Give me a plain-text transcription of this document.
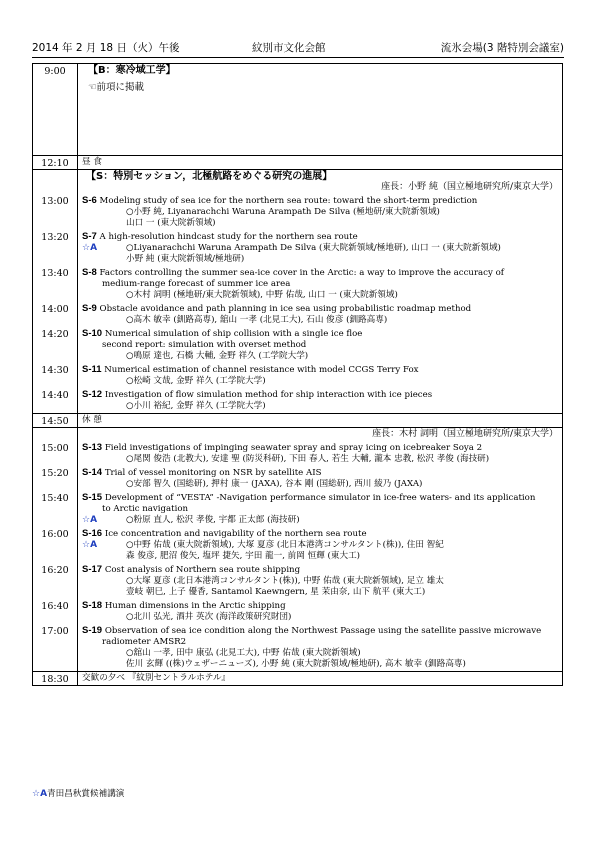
2014 年 2 月 18 日（火）午後	紋別市文化会館	流氷会場(3 階特別会議室)
9:00	【B：寒冷域工学】
☜前項に掲載

12:10	昼 食

	【S：特別セッション，北極航路をめぐる研究の進展】
座長：小野 純（国立極地研究所/東京大学）

13:00	S-6 Modeling study of sea ice for the northern sea route: toward the short-term prediction
○小野 純, Liyanarachchi Waruna Arampath De Silva (極地研/東大院新領域)
山口 一 (東大院新領域)

13:20	S-7 A high-resolution hindcast study for the northern sea route
☆A ○Liyanarachchi Waruna Arampath De Silva (東大院新領域/極地研), 山口 一 (東大院新領域)
小野 純 (東大院新領域/極地研)

13:40	S-8 Factors controlling the summer sea-ice cover in the Arctic: a way to improve the accuracy of
medium-range forecast of summer ice area
○木村 詞明 (極地研/東大院新領域), 中野 佑哉, 山口 一 (東大院新領域)

14:00	S-9 Obstacle avoidance and path planning in ice sea using probabilistic roadmap method
○高木 敏幸 (釧路高専), 舘山 一孝 (北見工大), 石山 俊彦 (釧路高専)

14:20	S-10 Numerical simulation of ship collision with a single ice floe
second report: simulation with overset method
○鳴原 達也, 石橋 大輔, 金野 祥久 (工学院大学)

14:30	S-11 Numerical estimation of channel resistance with model CCGS Terry Fox
○松崎 文哉, 金野 祥久 (工学院大学)

14:40	S-12 Investigation of flow simulation method for ship interaction with ice pieces
○小川 裕紀, 金野 祥久 (工学院大学)

14:50	休 憩

	座長：木村 詞明（国立極地研究所/東京大学）

15:00	S-13 Field investigations of impinging seawater spray and spray icing on icebreaker Soya 2
○尾関 俊浩 (北教大), 安達 聖 (防災科研), 下田 春人, 若生 大輔, 瀧本 忠教, 松沢 孝俊 (海技研)

15:20	S-14 Trial of vessel monitoring on NSR by satellite AIS
○安部 智久 (国総研), 押村 康一 (JAXA), 谷本 剛 (国総研), 西川 綾乃 (JAXA)

15:40	S-15 Development of “VESTA” -Navigation performance simulator in ice-free waters- and its application
to Arctic navigation
☆A ○粉原 直人, 松沢 孝俊, 宇都 正太郎 (海技研)

16:00	S-16 Ice concentration and navigability of the northern sea route
☆A ○中野 佑哉 (東大院新領域), 大塚 夏彦 (北日本港湾コンサルタント(株)), 住田 智紀
森 俊彦, 肥沼 俊矢, 塩坪 捷矢, 宇田 龍一, 前岡 恒輝 (東大工)

16:20	S-17 Cost analysis of Northern sea route shipping
○大塚 夏彦 (北日本港湾コンサルタント(株)), 中野 佑哉 (東大院新領域), 足立 雄太
壹岐 朝巳, 上子 優香, Santamol Kaewngern, 星 茉由奈, 山下 航平 (東大工)

16:40	S-18 Human dimensions in the Arctic shipping
○北川 弘光, 酒井 英次 (海洋政策研究財団)

17:00	S-19 Observation of sea ice condition along the Northwest Passage using the satellite passive microwave
radiometer AMSR2
○舘山 一孝, 田中 康弘 (北見工大), 中野 佑哉 (東大院新領域)
佐川 玄輝 ((株)ウェザーニューズ), 小野 純 (東大院新領域/極地研), 高木 敏幸 (釧路高専)

18:30	交歓の夕べ 『紋別セントラルホテル』
☆A青田昌秋賞候補講演
